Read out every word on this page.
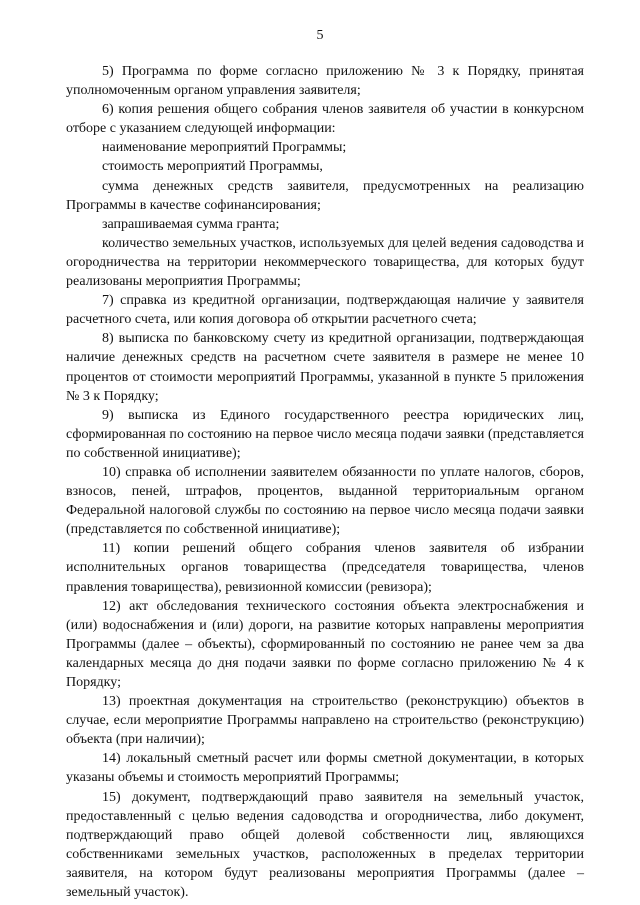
5

5) Программа по форме согласно приложению № 3 к Порядку, принятая уполномоченным органом управления заявителя;

6) копия решения общего собрания членов заявителя об участии в конкурсном отборе с указанием следующей информации:

наименование мероприятий Программы;

стоимость мероприятий Программы,

сумма денежных средств заявителя, предусмотренных на реализацию Программы в качестве софинансирования;

запрашиваемая сумма гранта;

количество земельных участков, используемых для целей ведения садоводства и огородничества на территории некоммерческого товарищества, для которых будут реализованы мероприятия Программы;

7) справка из кредитной организации, подтверждающая наличие у заявителя расчетного счета, или копия договора об открытии расчетного счета;

8) выписка по банковскому счету из кредитной организации, подтверждающая наличие денежных средств на расчетном счете заявителя в размере не менее 10 процентов от стоимости мероприятий Программы, указанной в пункте 5 приложения № 3 к Порядку;

9) выписка из Единого государственного реестра юридических лиц, сформированная по состоянию на первое число месяца подачи заявки (представляется по собственной инициативе);

10) справка об исполнении заявителем обязанности по уплате налогов, сборов, взносов, пеней, штрафов, процентов, выданной территориальным органом Федеральной налоговой службы по состоянию на первое число месяца подачи заявки (представляется по собственной инициативе);

11) копии решений общего собрания членов заявителя об избрании исполнительных органов товарищества (председателя товарищества, членов правления товарищества), ревизионной комиссии (ревизора);

12) акт обследования технического состояния объекта электроснабжения и (или) водоснабжения и (или) дороги, на развитие которых направлены мероприятия Программы (далее – объекты), сформированный по состоянию не ранее чем за два календарных месяца до дня подачи заявки по форме согласно приложению № 4 к Порядку;

13) проектная документация на строительство (реконструкцию) объектов в случае, если мероприятие Программы направлено на строительство (реконструкцию) объекта (при наличии);

14) локальный сметный расчет или формы сметной документации, в которых указаны объемы и стоимость мероприятий Программы;

15) документ, подтверждающий право заявителя на земельный участок, предоставленный с целью ведения садоводства и огородничества, либо документ, подтверждающий право общей долевой собственности лиц, являющихся собственниками земельных участков, расположенных в пределах территории заявителя, на котором будут реализованы мероприятия Программы (далее – земельный участок).
